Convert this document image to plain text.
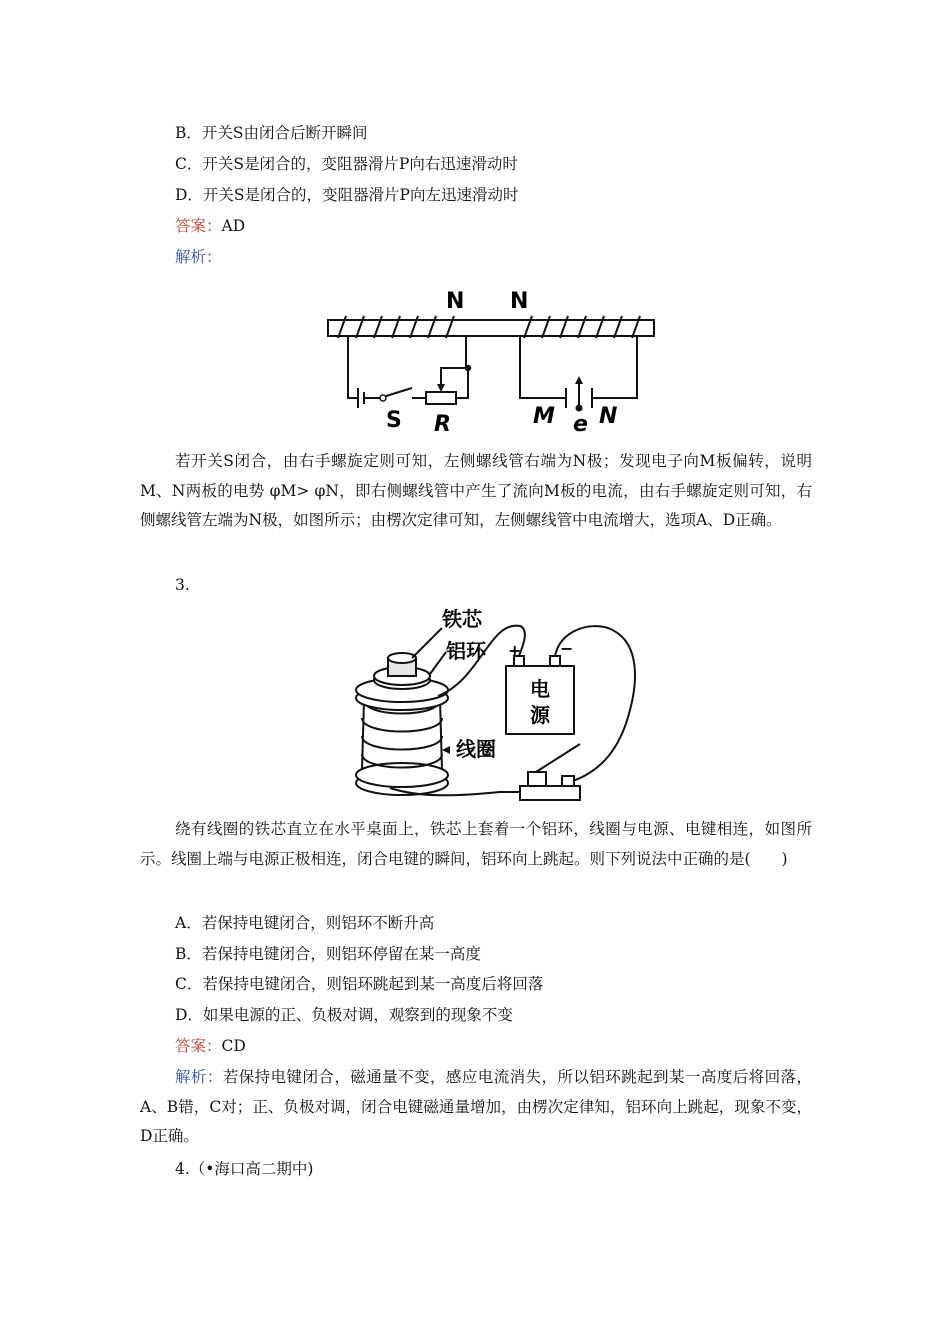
B．开关S由闭合后断开瞬间
C．开关S是闭合的，变阻器滑片P向右迅速滑动时
D．开关S是闭合的，变阻器滑片P向左迅速滑动时
答案：AD
解析：
N N
S R	M e N
若开关S闭合，由右手螺旋定则可知，左侧螺线管右端为N极；发现电子向M板偏转，说明M、N两板的电势 φM> φN，即右侧螺线管中产生了流向M板的电流，由右手螺旋定则可知，右侧螺线管左端为N极，如图所示；由楞次定律可知，左侧螺线管中电流增大，选项A、D正确。
3.
铁芯
铝环
线圈
电
源
+ −
绕有线圈的铁芯直立在水平桌面上，铁芯上套着一个铝环，线圈与电源、电键相连，如图所示。线圈上端与电源正极相连，闭合电键的瞬间，铝环向上跳起。则下列说法中正确的是(　　)
A．若保持电键闭合，则铝环不断升高
B．若保持电键闭合，则铝环停留在某一高度
C．若保持电键闭合，则铝环跳起到某一高度后将回落
D．如果电源的正、负极对调，观察到的现象不变
答案：CD
解析：若保持电键闭合，磁通量不变，感应电流消失，所以铝环跳起到某一高度后将回落，A、B错，C对；正、负极对调，闭合电键磁通量增加，由楞次定律知，铝环向上跳起，现象不变，D正确。
4.（•海口高二期中)
